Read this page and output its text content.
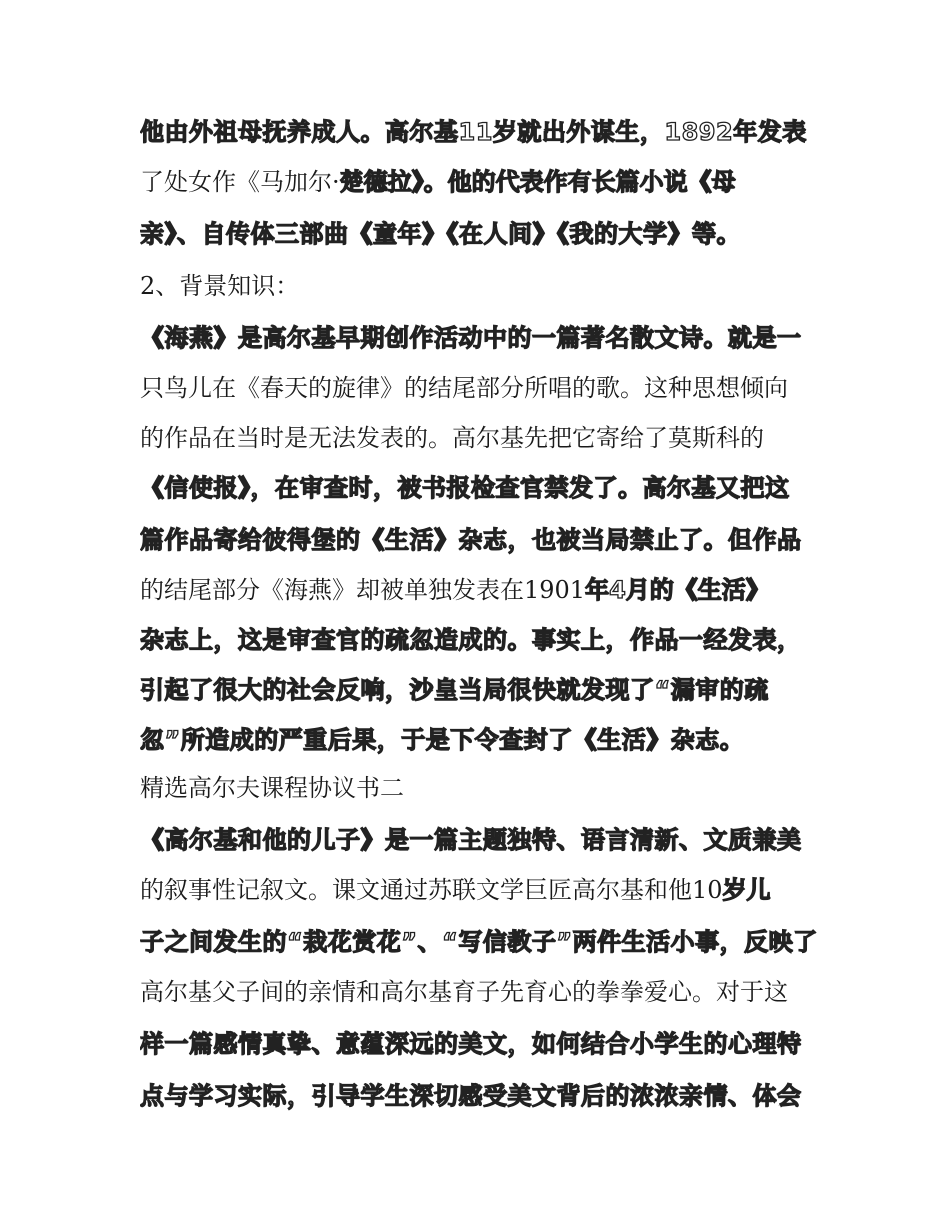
他由外祖母抚养成人。高尔基11岁就出外谋生，1892年发表
了处女作《马加尔·楚德拉》。他的代表作有长篇小说《母
亲》、自传体三部曲《童年》《在人间》《我的大学》等。
2、背景知识：
《海燕》是高尔基早期创作活动中的一篇著名散文诗。就是一
只鸟儿在《春天的旋律》的结尾部分所唱的歌。这种思想倾向
的作品在当时是无法发表的。高尔基先把它寄给了莫斯科的
《信使报》，在审查时，被书报检查官禁发了。高尔基又把这
篇作品寄给彼得堡的《生活》杂志，也被当局禁止了。但作品
的结尾部分《海燕》却被单独发表在1901年4月的《生活》
杂志上，这是审查官的疏忽造成的。事实上，作品一经发表，
引起了很大的社会反响，沙皇当局很快就发现了“漏审的疏
忽”所造成的严重后果，于是下令查封了《生活》杂志。
精选高尔夫课程协议书二
《高尔基和他的儿子》是一篇主题独特、语言清新、文质兼美
的叙事性记叙文。课文通过苏联文学巨匠高尔基和他10岁儿
子之间发生的“栽花赏花”、“写信教子”两件生活小事，反映了
高尔基父子间的亲情和高尔基育子先育心的拳拳爱心。对于这
样一篇感情真挚、意蕴深远的美文，如何结合小学生的心理特
点与学习实际，引导学生深切感受美文背后的浓浓亲情、体会
